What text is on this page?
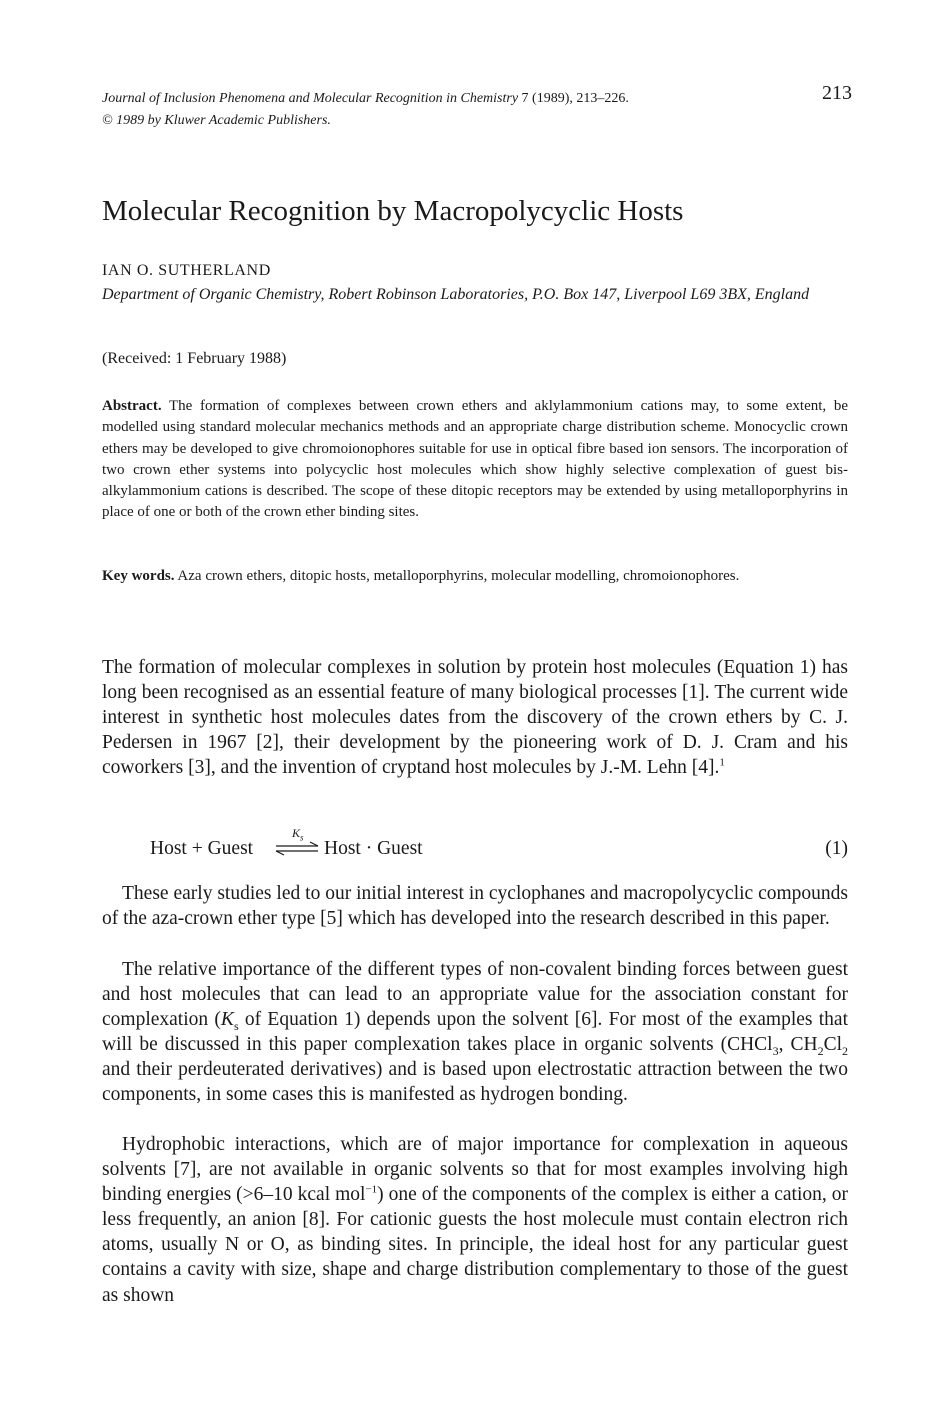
Journal of Inclusion Phenomena and Molecular Recognition in Chemistry 7 (1989), 213–226.
© 1989 by Kluwer Academic Publishers.
213
Molecular Recognition by Macropolycyclic Hosts
IAN O. SUTHERLAND
Department of Organic Chemistry, Robert Robinson Laboratories, P.O. Box 147, Liverpool L69 3BX, England
(Received: 1 February 1988)
Abstract. The formation of complexes between crown ethers and aklylammonium cations may, to some extent, be modelled using standard molecular mechanics methods and an appropriate charge distribution scheme. Monocyclic crown ethers may be developed to give chromoionophores suitable for use in optical fibre based ion sensors. The incorporation of two crown ether systems into polycyclic host molecules which show highly selective complexation of guest bis-alkylammonium cations is described. The scope of these ditopic receptors may be extended by using metalloporphyrins in place of one or both of the crown ether binding sites.
Key words. Aza crown ethers, ditopic hosts, metalloporphyrins, molecular modelling, chromoionophores.
The formation of molecular complexes in solution by protein host molecules (Equation 1) has long been recognised as an essential feature of many biological processes [1]. The current wide interest in synthetic host molecules dates from the discovery of the crown ethers by C. J. Pedersen in 1967 [2], their development by the pioneering work of D. J. Cram and his coworkers [3], and the invention of cryptand host molecules by J.-M. Lehn [4].$^1$
Host + Guest
$K_s$
⇌ Host · Guest	(1)
These early studies led to our initial interest in cyclophanes and macropolycyclic compounds of the aza-crown ether type [5] which has developed into the research described in this paper.
The relative importance of the different types of non-covalent binding forces between guest and host molecules that can lead to an appropriate value for the association constant for complexation ($K_s$ of Equation 1) depends upon the solvent [6]. For most of the examples that will be discussed in this paper complexation takes place in organic solvents (CHCl$_3$, $CH_2Cl_2$ and their perdeuterated derivatives) and is based upon electrostatic attraction between the two components, in some cases this is manifested as hydrogen bonding.
Hydrophobic interactions, which are of major importance for complexation in aqueous solvents [7], are not available in organic solvents so that for most examples involving high binding energies (>6–10 kcal mol$^{-1}$) one of the components of the complex is either a cation, or less frequently, an anion [8]. For cationic guests the host molecule must contain electron rich atoms, usually N or O, as binding sites. In principle, the ideal host for any particular guest contains a cavity with size, shape and charge distribution complementary to those of the guest as shown
